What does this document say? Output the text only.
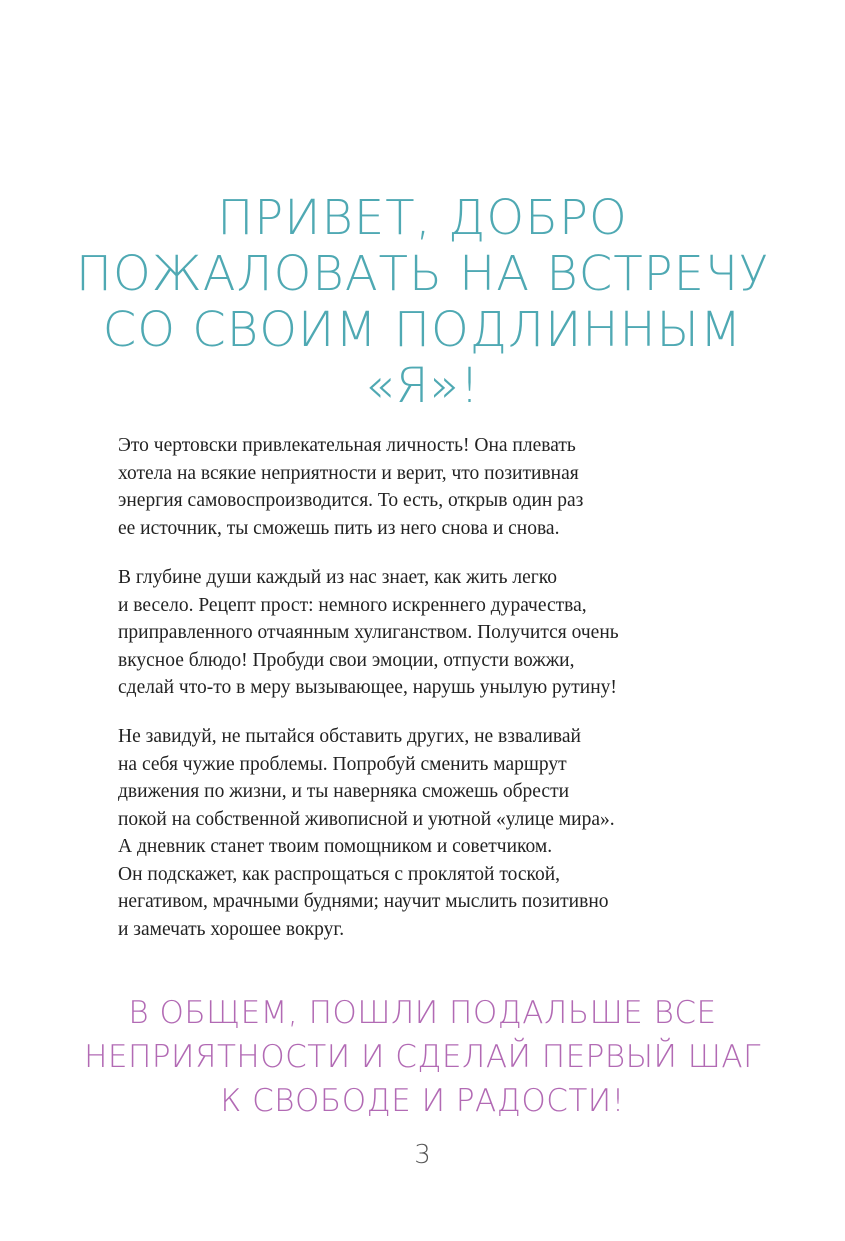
ПРИВЕТ, ДОБРО
ПОЖАЛОВАТЬ НА ВСТРЕЧУ
СО СВОИМ ПОДЛИННЫМ
«Я»!
Это чертовски привлекательная личность! Она плевать
хотела на всякие неприятности и верит, что позитивная
энергия самовоспроизводится. То есть, открыв один раз
ее источник, ты сможешь пить из него снова и снова.
В глубине души каждый из нас знает, как жить легко
и весело. Рецепт прост: немного искреннего дурачества,
приправленного отчаянным хулиганством. Получится очень
вкусное блюдо! Пробуди свои эмоции, отпусти вожжи,
сделай что-то в меру вызывающее, нарушь унылую рутину!
Не завидуй, не пытайся обставить других, не взваливай
на себя чужие проблемы. Попробуй сменить маршрут
движения по жизни, и ты наверняка сможешь обрести
покой на собственной живописной и уютной «улице мира».
А дневник станет твоим помощником и советчиком.
Он подскажет, как распрощаться с проклятой тоской,
негативом, мрачными буднями; научит мыслить позитивно
и замечать хорошее вокруг.
В ОБЩЕМ, ПОШЛИ ПОДАЛЬШЕ ВСЕ
НЕПРИЯТНОСТИ И СДЕЛАЙ ПЕРВЫЙ ШАГ
К СВОБОДЕ И РАДОСТИ!
3
